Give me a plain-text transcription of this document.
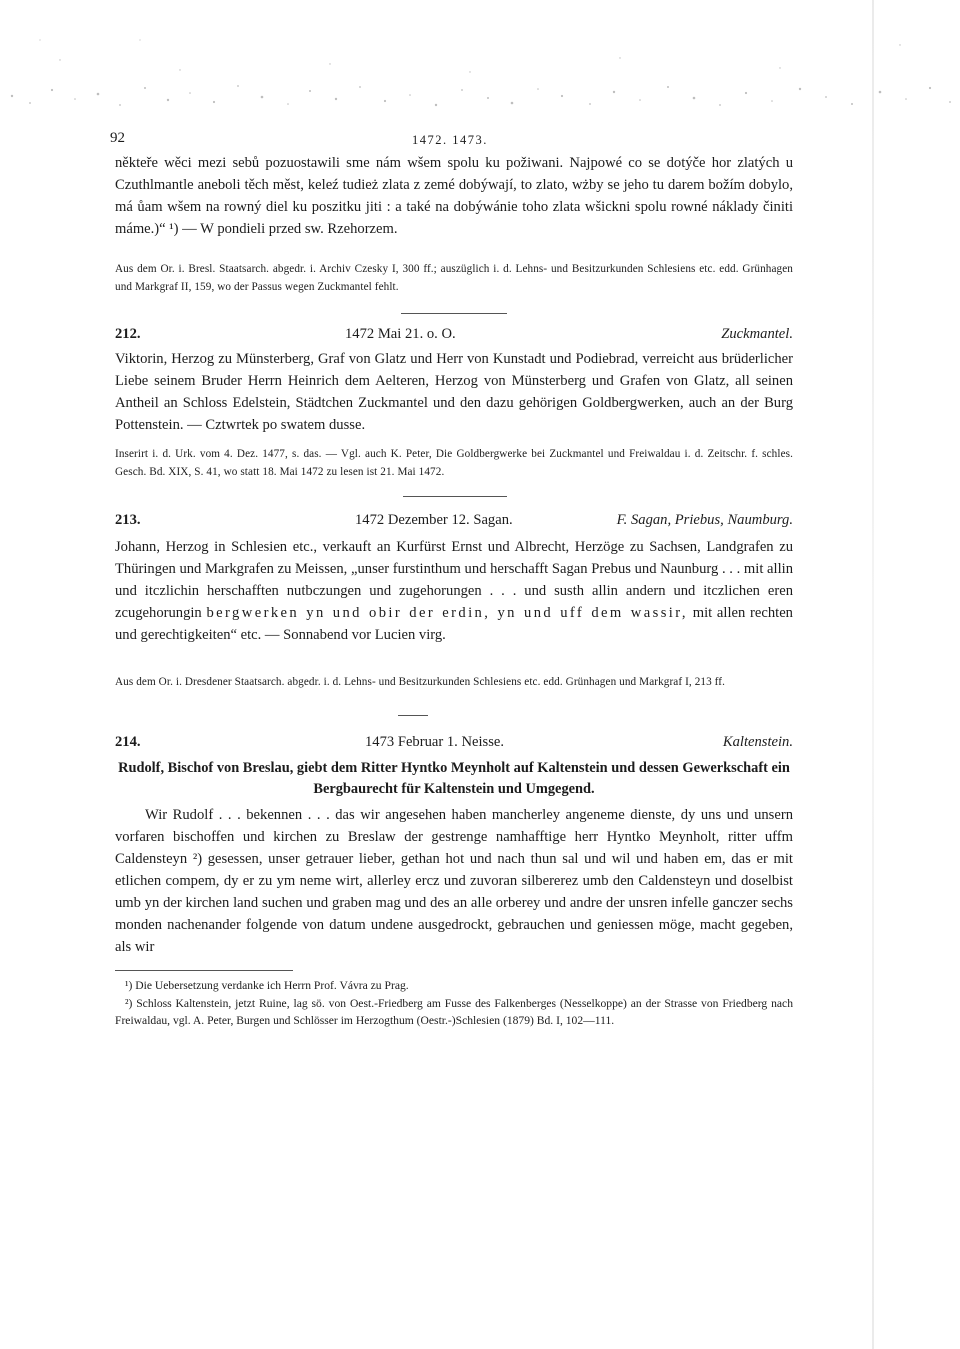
92	1472. 1473.

někteře wěci mezi sebů pozuostawili sme nám wšem spolu ku požiwani. Najpowé co se dotýče hor zlatých u Czuthlmantle aneboli těch měst, keleź tudież zlata z zemé dobýwají, to zlato, wżby se jeho tu darem božím dobylo, má ůam wšem na rowný diel ku poszitku jiti : a také na dobýwánie toho zlata wšickni spolu rowné náklady činiti máme.)“ ¹) — W pondieli przed sw. Rzehorzem.

Aus dem Or. i. Bresl. Staatsarch. abgedr. i. Archiv Czesky I, 300 ff.; auszüglich i. d. Lehns- und Besitzurkunden Schlesiens etc. edd. Grünhagen und Markgraf II, 159, wo der Passus wegen Zuckmantel fehlt.

212.	1472 Mai 21. o. O.	Zuckmantel.

Viktorin, Herzog zu Münsterberg, Graf von Glatz und Herr von Kunstadt und Podiebrad, verreicht aus brüderlicher Liebe seinem Bruder Herrn Heinrich dem Aelteren, Herzog von Münsterberg und Grafen von Glatz, all seinen Antheil an Schloss Edelstein, Städtchen Zuckmantel und den dazu gehörigen Goldbergwerken, auch an der Burg Pottenstein. — Cztwrtek po swatem dusse.

Inserirt i. d. Urk. vom 4. Dez. 1477, s. das. — Vgl. auch K. Peter, Die Goldbergwerke bei Zuckmantel und Freiwaldau i. d. Zeitschr. f. schles. Gesch. Bd. XIX, S. 41, wo statt 18. Mai 1472 zu lesen ist 21. Mai 1472.

213.	1472 Dezember 12. Sagan.	F. Sagan, Priebus, Naumburg.

Johann, Herzog in Schlesien etc., verkauft an Kurfürst Ernst und Albrecht, Herzöge zu Sachsen, Landgrafen zu Thüringen und Markgrafen zu Meissen, „unser furstinthum und herschafft Sagan Prebus und Naunburg . . . mit allin und itczlichin herschafften nutbczungen und zugehorungen . . . und susth allin andern und itczlichen eren zcugehorungin bergwerken yn und obir der erdin, yn und uff dem wassir, mit allen rechten und gerechtigkeiten“ etc. — Sonnabend vor Lucien virg.

Aus dem Or. i. Dresdener Staatsarch. abgedr. i. d. Lehns- und Besitzurkunden Schlesiens etc. edd. Grünhagen und Markgraf I, 213 ff.

214.	1473 Februar 1. Neisse.	Kaltenstein.

Rudolf, Bischof von Breslau, giebt dem Ritter Hyntko Meynholt auf Kaltenstein und dessen Gewerkschaft ein Bergbaurecht für Kaltenstein und Umgegend.

Wir Rudolf . . . bekennen . . . das wir angesehen haben mancherley angeneme dienste, dy uns und unsern vorfaren bischoffen und kirchen zu Breslaw der gestrenge namhafftige herr Hyntko Meynholt, ritter uffm Caldensteyn ²) gesessen, unser getrauer lieber, gethan hot und nach thun sal und wil und haben em, das er mit etlichen compem, dy er zu ym neme wirt, allerley ercz und zuvoran silbererez umb den Caldensteyn und doselbist umb yn der kirchen land suchen und graben mag und des an alle orberey und andre der unsren infelle ganczer sechs monden nachenander folgende von datum undene ausgedrockt, gebrauchen und geniessen möge, macht gegeben, als wir

¹) Die Uebersetzung verdanke ich Herrn Prof. Vávra zu Prag.

²) Schloss Kaltenstein, jetzt Ruine, lag sö. von Oest.-Friedberg am Fusse des Falkenberges (Nesselkoppe) an der Strasse von Friedberg nach Freiwaldau, vgl. A. Peter, Burgen und Schlösser im Herzogthum (Oestr.-)Schlesien (1879) Bd. I, 102—111.
